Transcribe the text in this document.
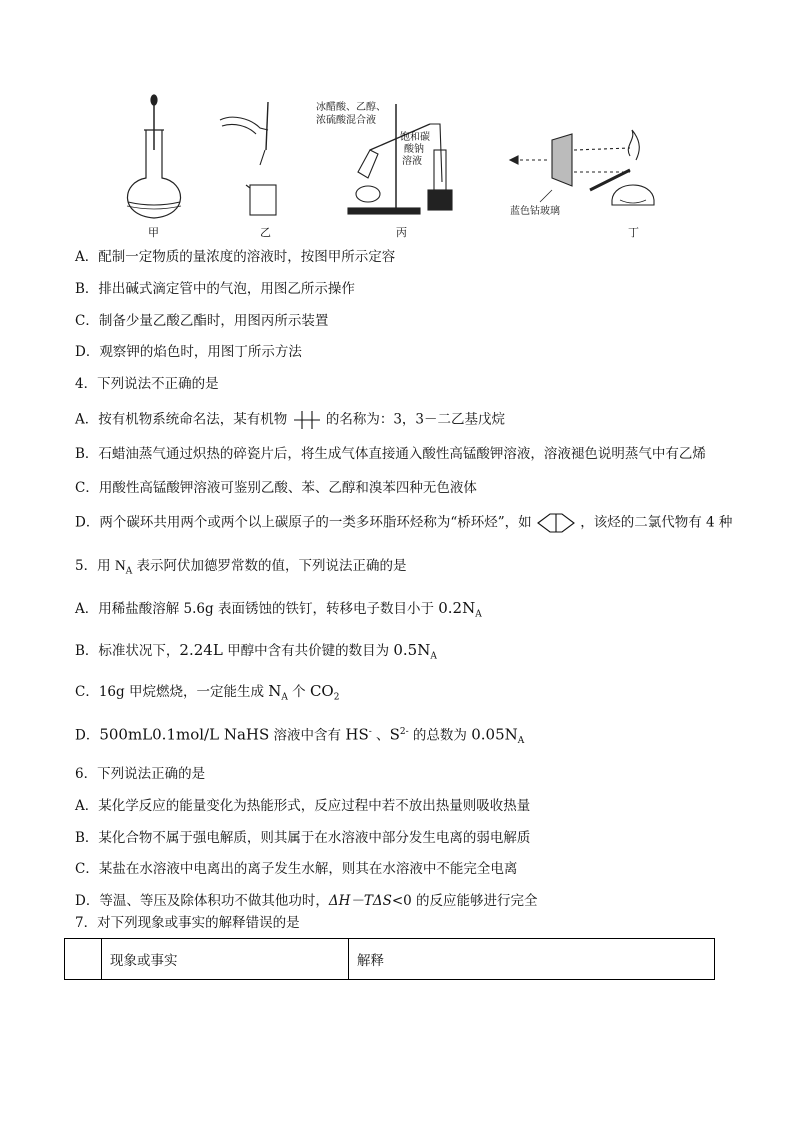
冰醋酸、乙醇、
浓硫酸混合液
饱和碳
酸钠
溶液
蓝色钴玻璃
甲	乙	丙	丁
A．配制一定物质的量浓度的溶液时，按图甲所示定容
B．排出碱式滴定管中的气泡，用图乙所示操作
C．制备少量乙酸乙酯时，用图丙所示装置
D．观察钾的焰色时，用图丁所示方法
4．下列说法不正确的是
A．按有机物系统命名法，某有机物	的名称为：3，3－二乙基戊烷
B．石蜡油蒸气通过炽热的碎瓷片后，将生成气体直接通入酸性高锰酸钾溶液，溶液褪色说明蒸气中有乙烯
C．用酸性高锰酸钾溶液可鉴别乙酸、苯、乙醇和溴苯四种无色液体
D．两个碳环共用两个或两个以上碳原子的一类多环脂环烃称为“桥环烃”，如	，该烃的二氯代物有 4 种
5．用 $N_A$ 表示阿伏加德罗常数的值，下列说法正确的是
A．用稀盐酸溶解 5.6g 表面锈蚀的铁钉，转移电子数目小于 $0.2N_A$
B．标准状况下，2.24L 甲醇中含有共价键的数目为 $0.5N_A$
C．16g 甲烷燃烧，一定能生成 $N_A$ 个 $CO_2$
D．500mL0.1mol/L NaHS 溶液中含有 HS- 、$S^{2-}$ 的总数为 $0.05N_A$
6．下列说法正确的是
A．某化学反应的能量变化为热能形式，反应过程中若不放出热量则吸收热量
B．某化合物不属于强电解质，则其属于在水溶液中部分发生电离的弱电解质
C．某盐在水溶液中电离出的离子发生水解，则其在水溶液中不能完全电离
D．等温、等压及除体积功不做其他功时，ΔH－TΔS<0 的反应能够进行完全
7．对下列现象或事实的解释错误的是
	现象或事实	解释
